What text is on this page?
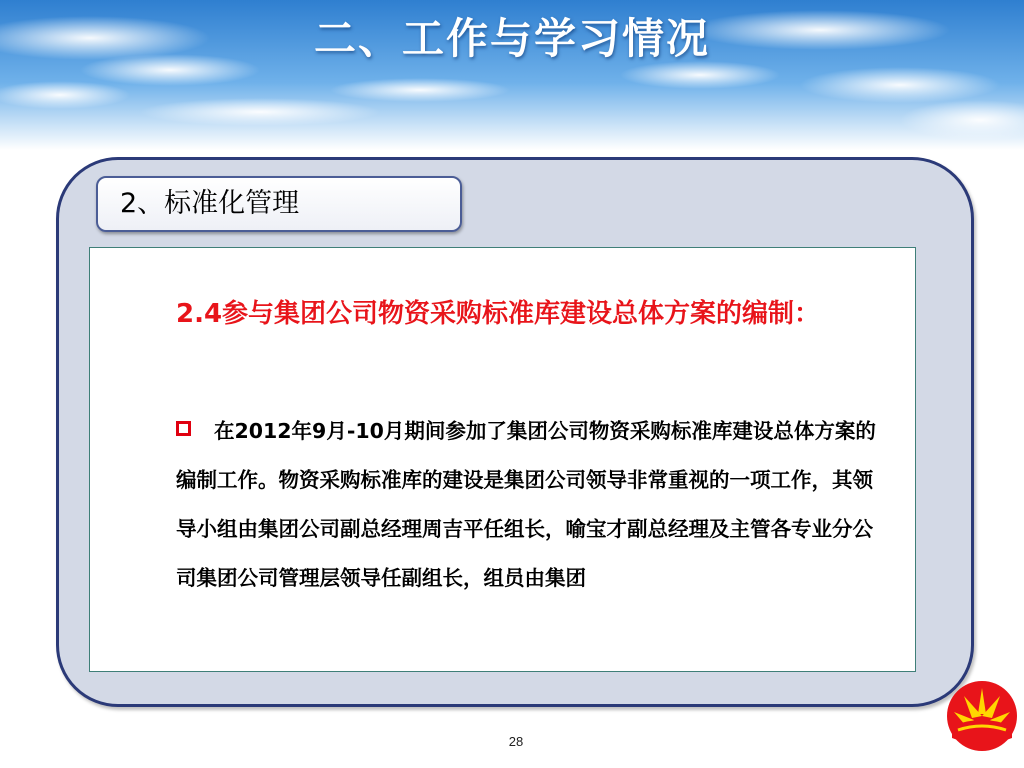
二、工作与学习情况
2、标准化管理
2.4参与集团公司物资采购标准库建设总体方案的编制：

在2012年9月-10月期间参加了集团公司物资采购标准库建设总体方案的编制工作。物资采购标准库的建设是集团公司领导非常重视的一项工作，其领导小组由集团公司副总经理周吉平任组长，喻宝才副总经理及主管各专业分公司集团公司管理层领导任副组长，组员由集团

28
